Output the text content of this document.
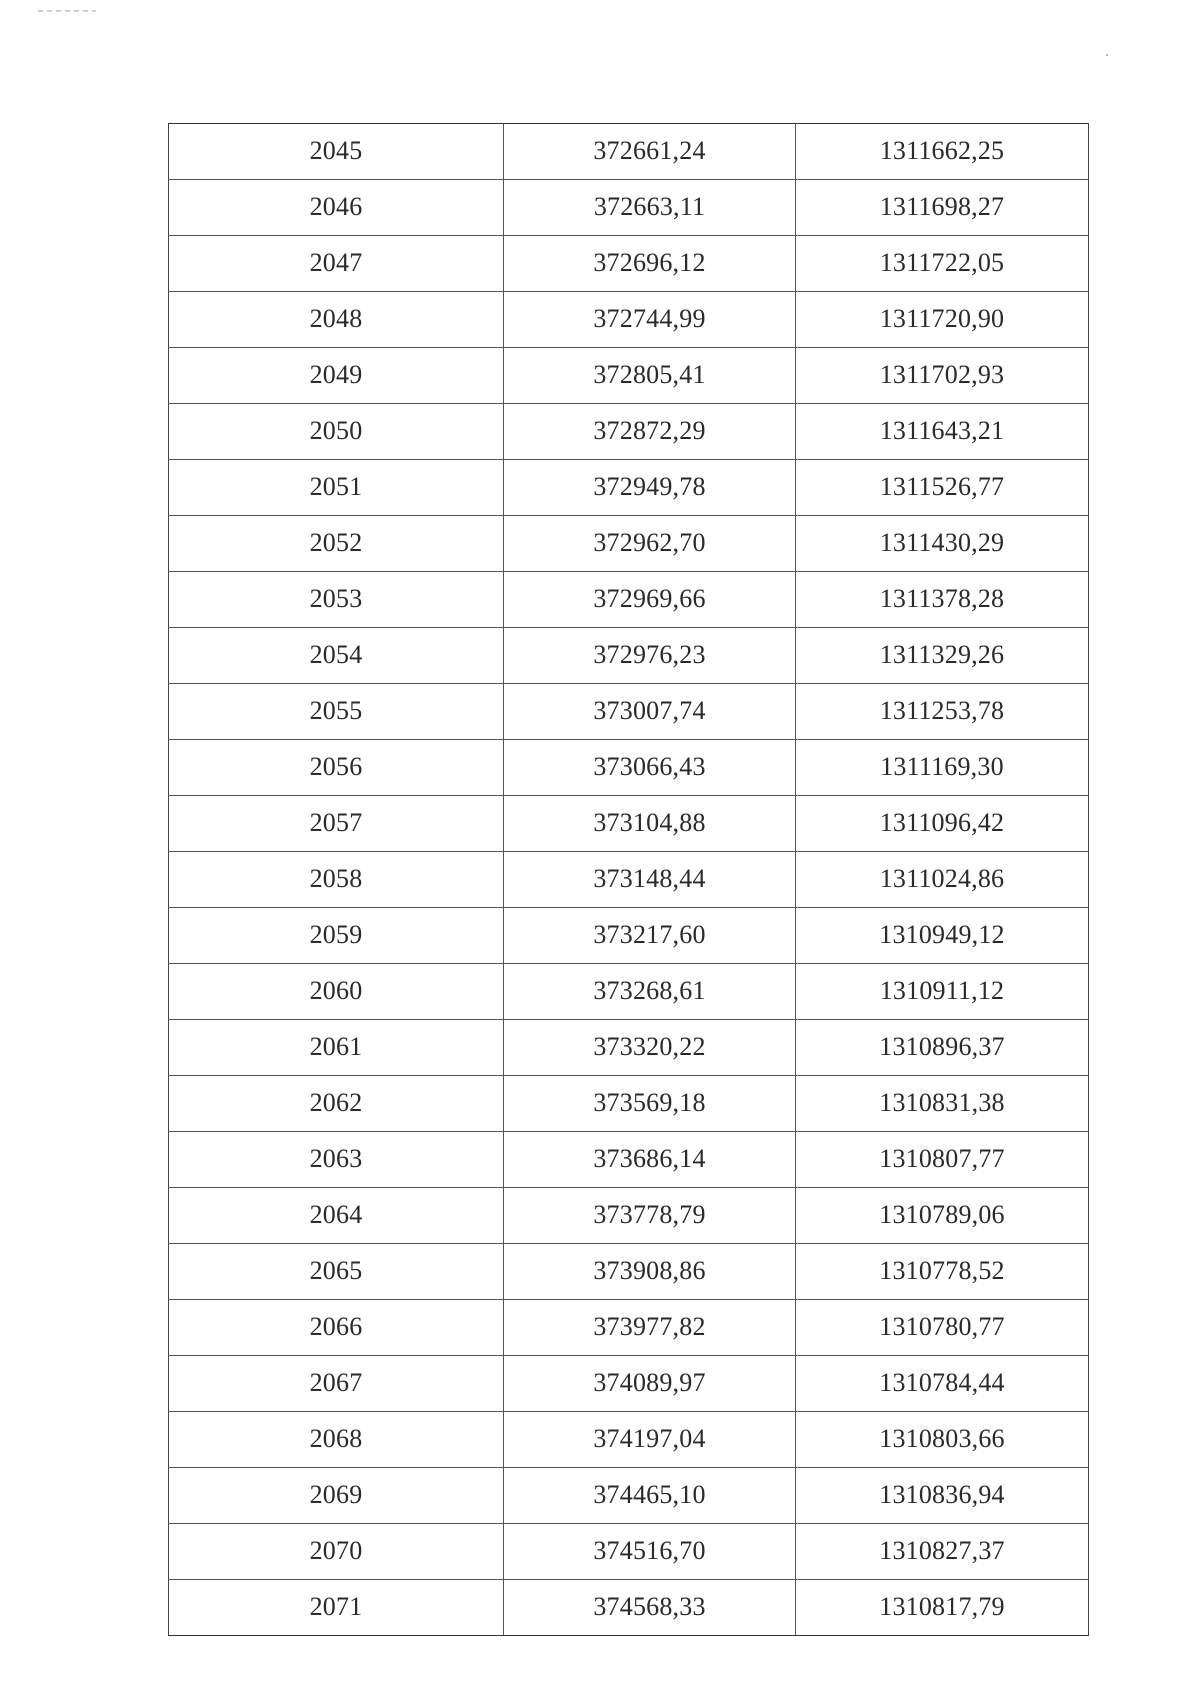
2045	372661,24	1311662,25
2046	372663,11	1311698,27
2047	372696,12	1311722,05
2048	372744,99	1311720,90
2049	372805,41	1311702,93
2050	372872,29	1311643,21
2051	372949,78	1311526,77
2052	372962,70	1311430,29
2053	372969,66	1311378,28
2054	372976,23	1311329,26
2055	373007,74	1311253,78
2056	373066,43	1311169,30
2057	373104,88	1311096,42
2058	373148,44	1311024,86
2059	373217,60	1310949,12
2060	373268,61	1310911,12
2061	373320,22	1310896,37
2062	373569,18	1310831,38
2063	373686,14	1310807,77
2064	373778,79	1310789,06
2065	373908,86	1310778,52
2066	373977,82	1310780,77
2067	374089,97	1310784,44
2068	374197,04	1310803,66
2069	374465,10	1310836,94
2070	374516,70	1310827,37
2071	374568,33	1310817,79
